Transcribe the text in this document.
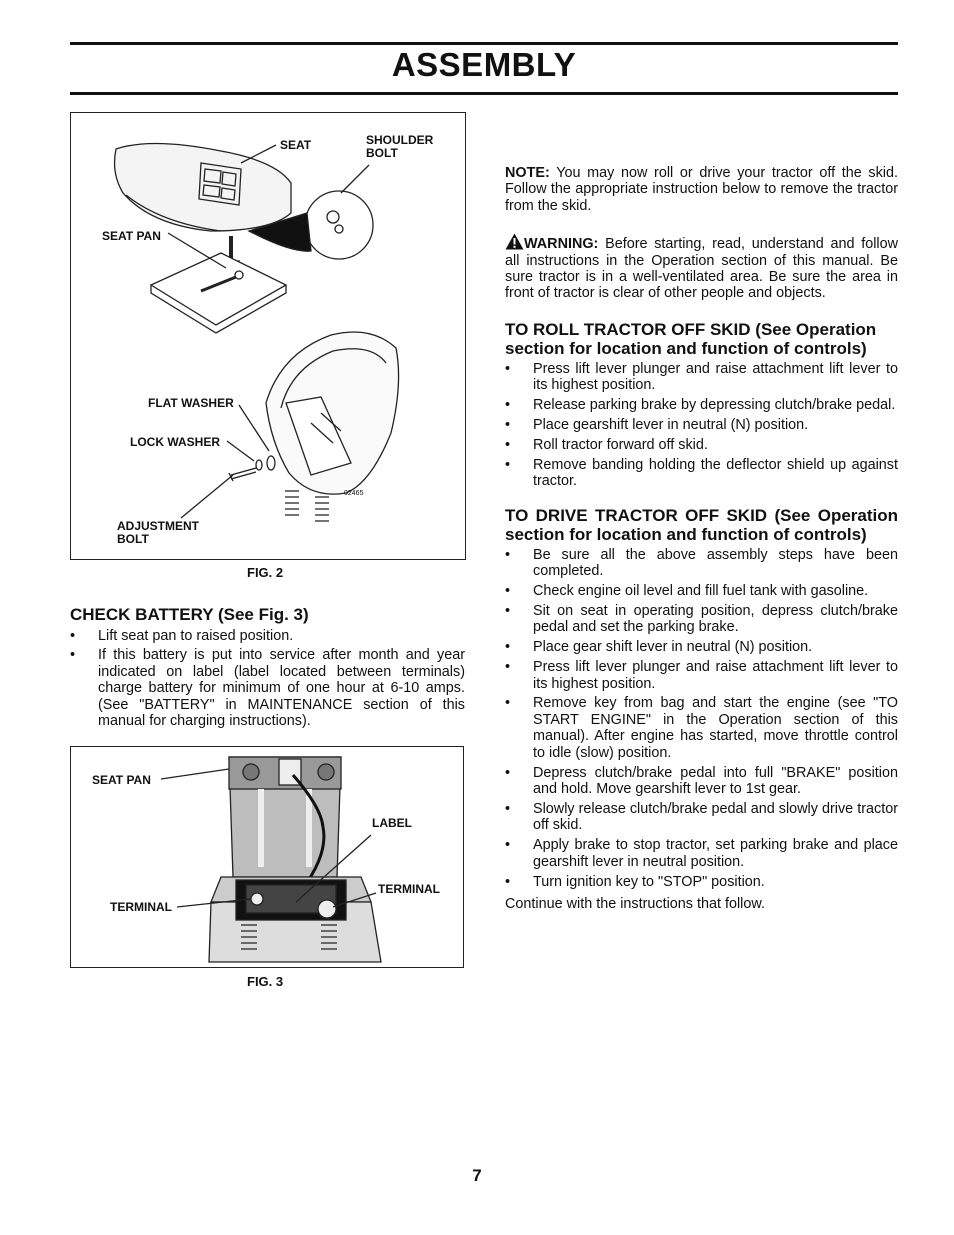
ASSEMBLY
SEAT	SHOULDER BOLT
SEAT PAN
FLAT WASHER
LOCK WASHER
ADJUSTMENT BOLT
02465
FIG. 2
CHECK BATTERY (See Fig. 3)
• Lift seat pan to raised position.
• If this battery is put into service after month and year indicated on label (label located between terminals) charge battery for minimum of one hour at 6-10 amps. (See "BATTERY" in MAINTENANCE section of this manual for charging instructions).
SEAT PAN
LABEL
TERMINAL
TERMINAL
FIG. 3

NOTE: You may now roll or drive your tractor off the skid. Follow the appropriate instruction below to remove the tractor from the skid.

WARNING: Before starting, read, understand and follow all instructions in the Operation section of this manual. Be sure tractor is in a well-ventilated area. Be sure the area in front of tractor is clear of other people and objects.

TO ROLL TRACTOR OFF SKID (See Operation section for location and function of controls)
• Press lift lever plunger and raise attachment lift lever to its highest position.
• Release parking brake by depressing clutch/brake pedal.
• Place gearshift lever in neutral (N) position.
• Roll tractor forward off skid.
• Remove banding holding the deflector shield up against tractor.
TO DRIVE TRACTOR OFF SKID (See Operation section for location and function of controls)
• Be sure all the above assembly steps have been completed.
• Check engine oil level and fill fuel tank with gasoline.
• Sit on seat in operating position, depress clutch/brake pedal and set the parking brake.
• Place gear shift lever in neutral (N) position.
• Press lift lever plunger and raise attachment lift lever to its highest position.
• Remove key from bag and start the engine (see "TO START ENGINE" in the Operation section of this manual). After engine has started, move throttle control to idle (slow) position.
• Depress clutch/brake pedal into full "BRAKE" position and hold. Move gearshift lever to 1st gear.
• Slowly release clutch/brake pedal and slowly drive tractor off skid.
• Apply brake to stop tractor, set parking brake and place gearshift lever in neutral position.
• Turn ignition key to "STOP" position.

Continue with the instructions that follow.

7
